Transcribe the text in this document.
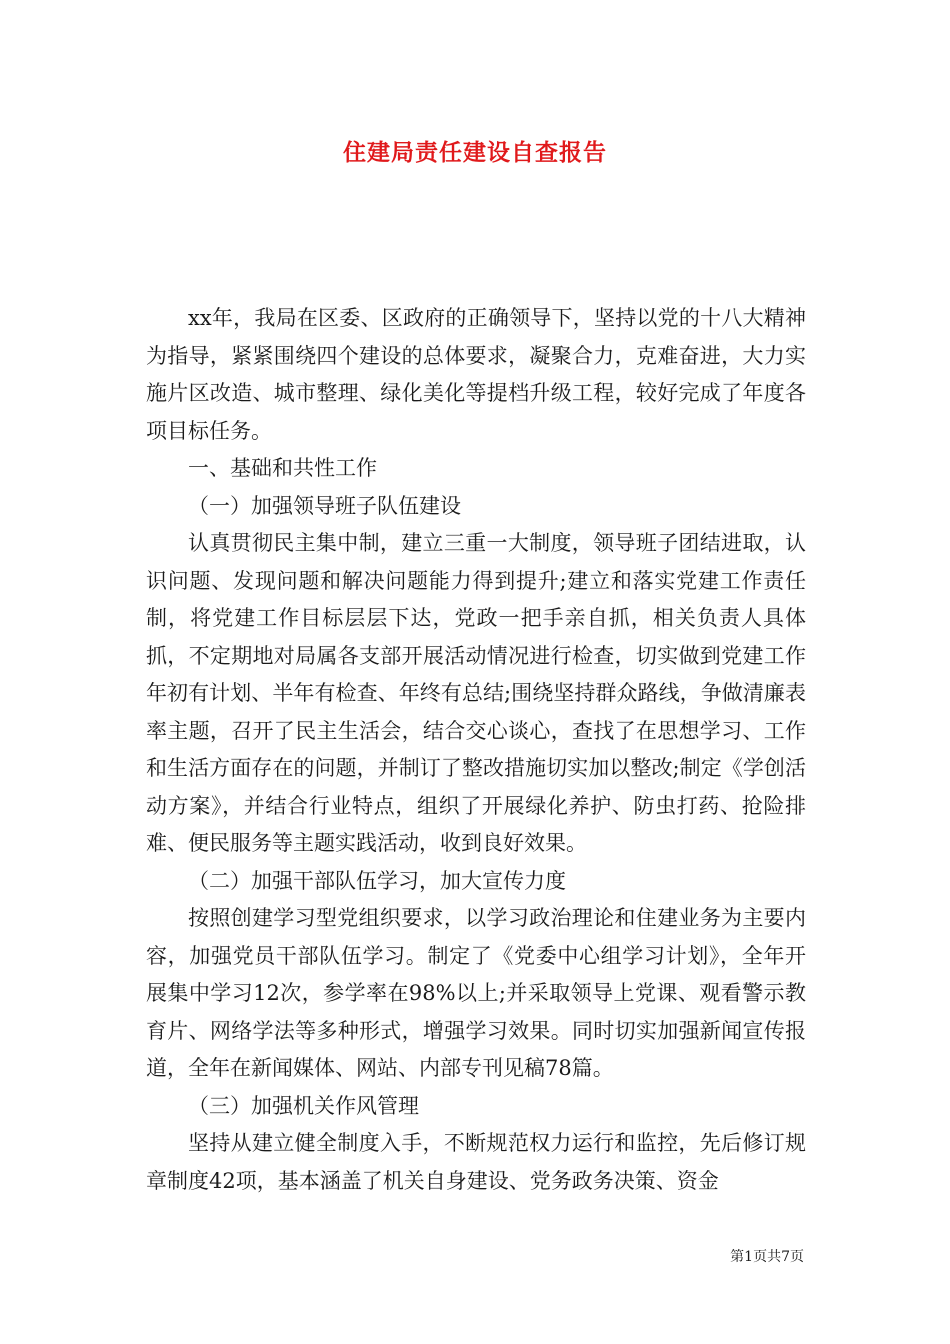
住建局责任建设自查报告

xx年，我局在区委、区政府的正确领导下，坚持以党的十八大精神为指导，紧紧围绕四个建设的总体要求，凝聚合力，克难奋进，大力实施片区改造、城市整理、绿化美化等提档升级工程，较好完成了年度各项目标任务。

一、基础和共性工作

（一）加强领导班子队伍建设

认真贯彻民主集中制，建立三重一大制度，领导班子团结进取，认识问题、发现问题和解决问题能力得到提升;建立和落实党建工作责任制，将党建工作目标层层下达，党政一把手亲自抓，相关负责人具体抓，不定期地对局属各支部开展活动情况进行检查，切实做到党建工作年初有计划、半年有检查、年终有总结;围绕坚持群众路线，争做清廉表率主题，召开了民主生活会，结合交心谈心，查找了在思想学习、工作和生活方面存在的问题，并制订了整改措施切实加以整改;制定《学创活动方案》，并结合行业特点，组织了开展绿化养护、防虫打药、抢险排难、便民服务等主题实践活动，收到良好效果。

（二）加强干部队伍学习，加大宣传力度

按照创建学习型党组织要求，以学习政治理论和住建业务为主要内容，加强党员干部队伍学习。制定了《党委中心组学习计划》，全年开展集中学习12次，参学率在98%以上;并采取领导上党课、观看警示教育片、网络学法等多种形式，增强学习效果。同时切实加强新闻宣传报道，全年在新闻媒体、网站、内部专刊见稿78篇。

（三）加强机关作风管理

坚持从建立健全制度入手，不断规范权力运行和监控，先后修订规章制度42项，基本涵盖了机关自身建设、党务政务决策、资金

第1页共7页
